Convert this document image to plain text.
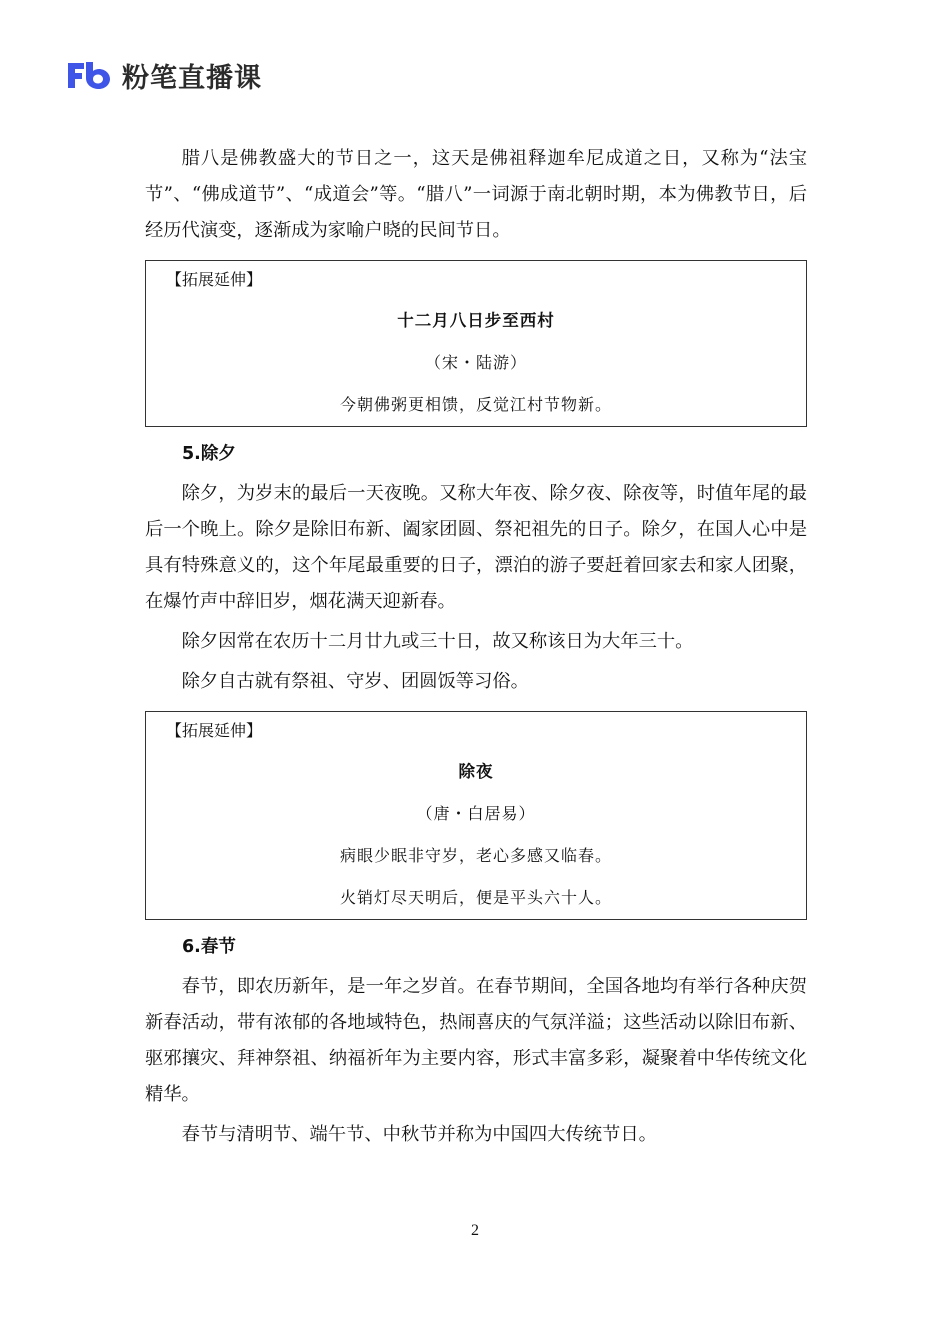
粉笔直播课

腊八是佛教盛大的节日之一，这天是佛祖释迦牟尼成道之日，又称为“法宝节”、“佛成道节”、“成道会”等。“腊八”一词源于南北朝时期，本为佛教节日，后经历代演变，逐渐成为家喻户晓的民间节日。

【拓展延伸】
十二月八日步至西村
（宋・陆游）
今朝佛粥更相馈，反觉江村节物新。
5.除夕

除夕，为岁末的最后一天夜晚。又称大年夜、除夕夜、除夜等，时值年尾的最后一个晚上。除夕是除旧布新、阖家团圆、祭祀祖先的日子。除夕，在国人心中是具有特殊意义的，这个年尾最重要的日子，漂泊的游子要赶着回家去和家人团聚，在爆竹声中辞旧岁，烟花满天迎新春。

除夕因常在农历十二月廿九或三十日，故又称该日为大年三十。

除夕自古就有祭祖、守岁、团圆饭等习俗。

【拓展延伸】
除夜
（唐・白居易）
病眼少眠非守岁，老心多感又临春。
火销灯尽天明后，便是平头六十人。
6.春节

春节，即农历新年，是一年之岁首。在春节期间，全国各地均有举行各种庆贺新春活动，带有浓郁的各地域特色，热闹喜庆的气氛洋溢；这些活动以除旧布新、驱邪攘灾、拜神祭祖、纳福祈年为主要内容，形式丰富多彩，凝聚着中华传统文化精华。

春节与清明节、端午节、中秋节并称为中国四大传统节日。

2
